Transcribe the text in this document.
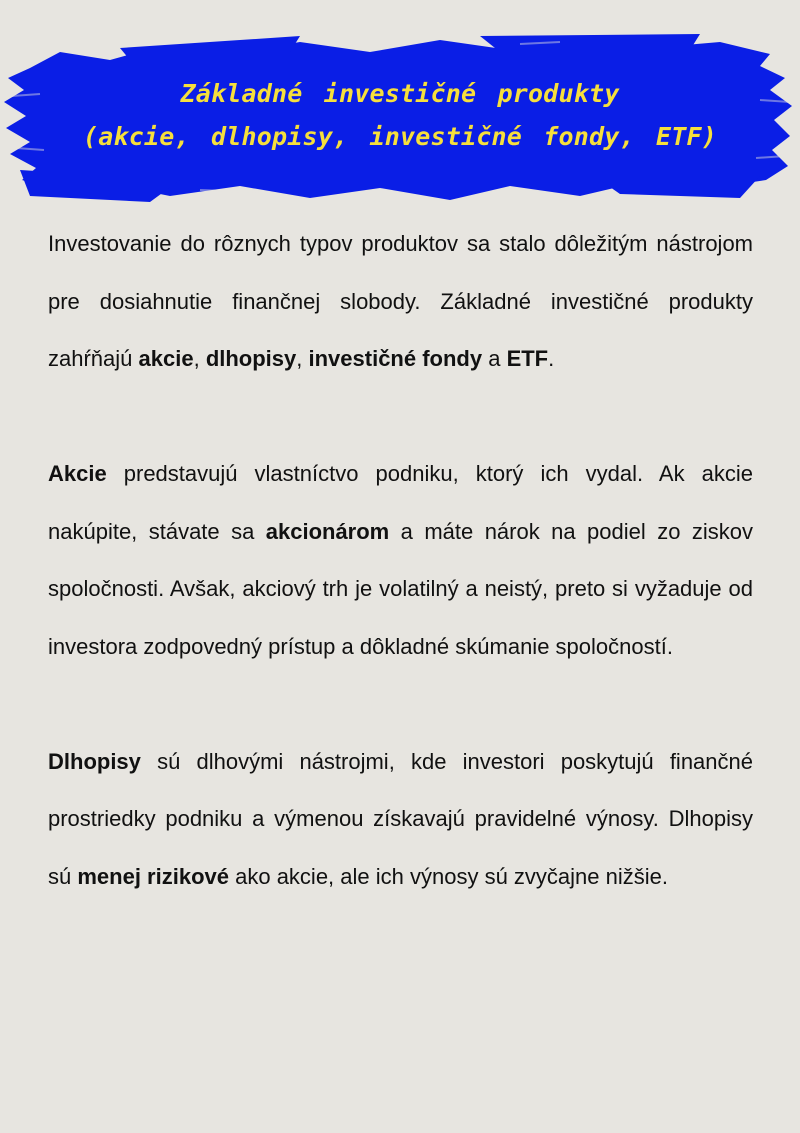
Základné investičné produkty
(akcie, dlhopisy, investičné fondy, ETF)

Investovanie do rôznych typov produktov sa stalo dôležitým nástrojom pre dosiahnutie finančnej slobody. Základné investičné produkty zahŕňajú akcie, dlhopisy, investičné fondy a ETF.

Akcie predstavujú vlastníctvo podniku, ktorý ich vydal. Ak akcie nakúpite, stávate sa akcionárom a máte nárok na podiel zo ziskov spoločnosti. Avšak, akciový trh je volatilný a neistý, preto si vyžaduje od investora zodpovedný prístup a dôkladné skúmanie spoločností.

Dlhopisy sú dlhovými nástrojmi, kde investori poskytujú finančné prostriedky podniku a výmenou získavajú pravidelné výnosy. Dlhopisy sú menej rizikové ako akcie, ale ich výnosy sú zvyčajne nižšie.
